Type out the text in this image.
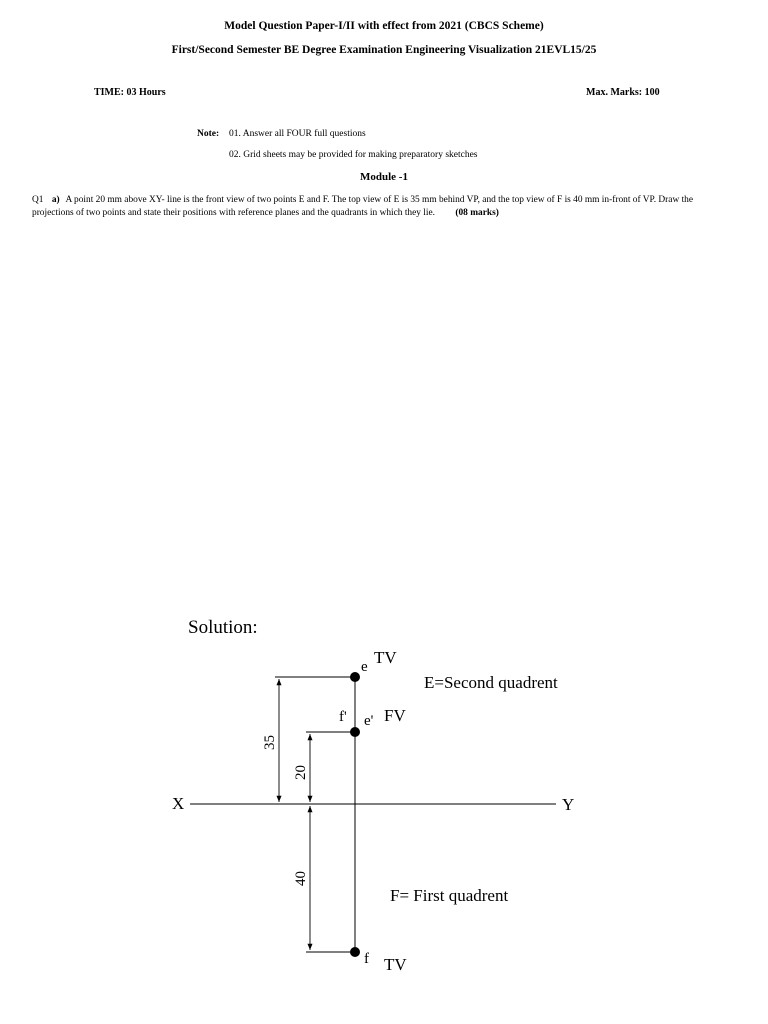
Model Question Paper-I/II with effect from 2021 (CBCS Scheme)
First/Second Semester BE Degree Examination Engineering Visualization 21EVL15/25
TIME: 03 Hours	Max. Marks: 100
Note: 01. Answer all FOUR full questions
02. Grid sheets may be provided for making preparatory sketches
Module -1
Q1 a) A point 20 mm above XY- line is the front view of two points E and F. The top view of E is 35 mm behind VP, and the top view of F is 40 mm in-front of VP. Draw the projections of two points and state their positions with reference planes and the quadrants in which they lie. (08 marks)
Solution:
X	Y
35
20
40
e TV
f' e' FV
f TV
E=Second quadrent
F= First quadrent
